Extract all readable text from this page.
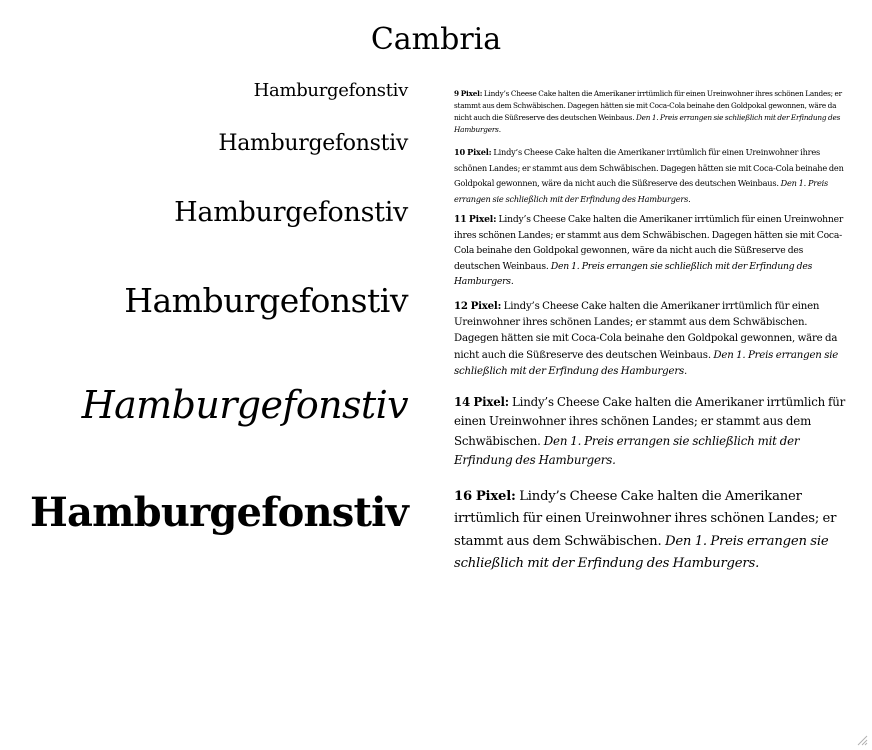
Cambria
Hamburgefonstiv
Hamburgefonstiv
Hamburgefonstiv
Hamburgefonstiv
Hamburgefonstiv
Hamburgefonstiv

9 Pixel: Lindy’s Cheese Cake halten die Amerikaner irrtümlich für einen Ureinwohner ihres schönen Landes; er stammt aus dem Schwäbischen. Dagegen hätten sie mit Coca-Cola beinahe den Goldpokal gewonnen, wäre da nicht auch die Süßreserve des deutschen Weinbaus. Den 1. Preis errangen sie schließlich mit der Erfindung des Hamburgers.

10 Pixel: Lindy’s Cheese Cake halten die Amerikaner irrtümlich für einen Ureinwohner ihres schönen Landes; er stammt aus dem Schwäbischen. Dagegen hätten sie mit Coca-Cola beinahe den Goldpokal gewonnen, wäre da nicht auch die Süßreserve des deutschen Weinbaus. Den 1. Preis errangen sie schließlich mit der Erfindung des Hamburgers.

11 Pixel: Lindy’s Cheese Cake halten die Amerikaner irrtümlich für einen Ureinwohner ihres schönen Landes; er stammt aus dem Schwäbischen. Dagegen hätten sie mit Coca-Cola beinahe den Goldpokal gewonnen, wäre da nicht auch die Süßreserve des deutschen Weinbaus. Den 1. Preis errangen sie schließlich mit der Erfindung des Hamburgers.

12 Pixel: Lindy’s Cheese Cake halten die Amerikaner irrtümlich für einen Ureinwohner ihres schönen Landes; er stammt aus dem Schwäbischen. Dagegen hätten sie mit Coca-Cola beinahe den Goldpokal gewonnen, wäre da nicht auch die Süßreserve des deutschen Weinbaus. Den 1. Preis errangen sie schließlich mit der Erfindung des Hamburgers.

14 Pixel: Lindy’s Cheese Cake halten die Amerikaner irrtümlich für einen Ureinwohner ihres schönen Landes; er stammt aus dem Schwäbischen. Den 1. Preis errangen sie schließlich mit der Erfindung des Hamburgers.

16 Pixel: Lindy’s Cheese Cake halten die Amerikaner irrtümlich für einen Ureinwohner ihres schönen Landes; er stammt aus dem Schwäbischen. Den 1. Preis errangen sie schließlich mit der Erfindung des Hamburgers.
